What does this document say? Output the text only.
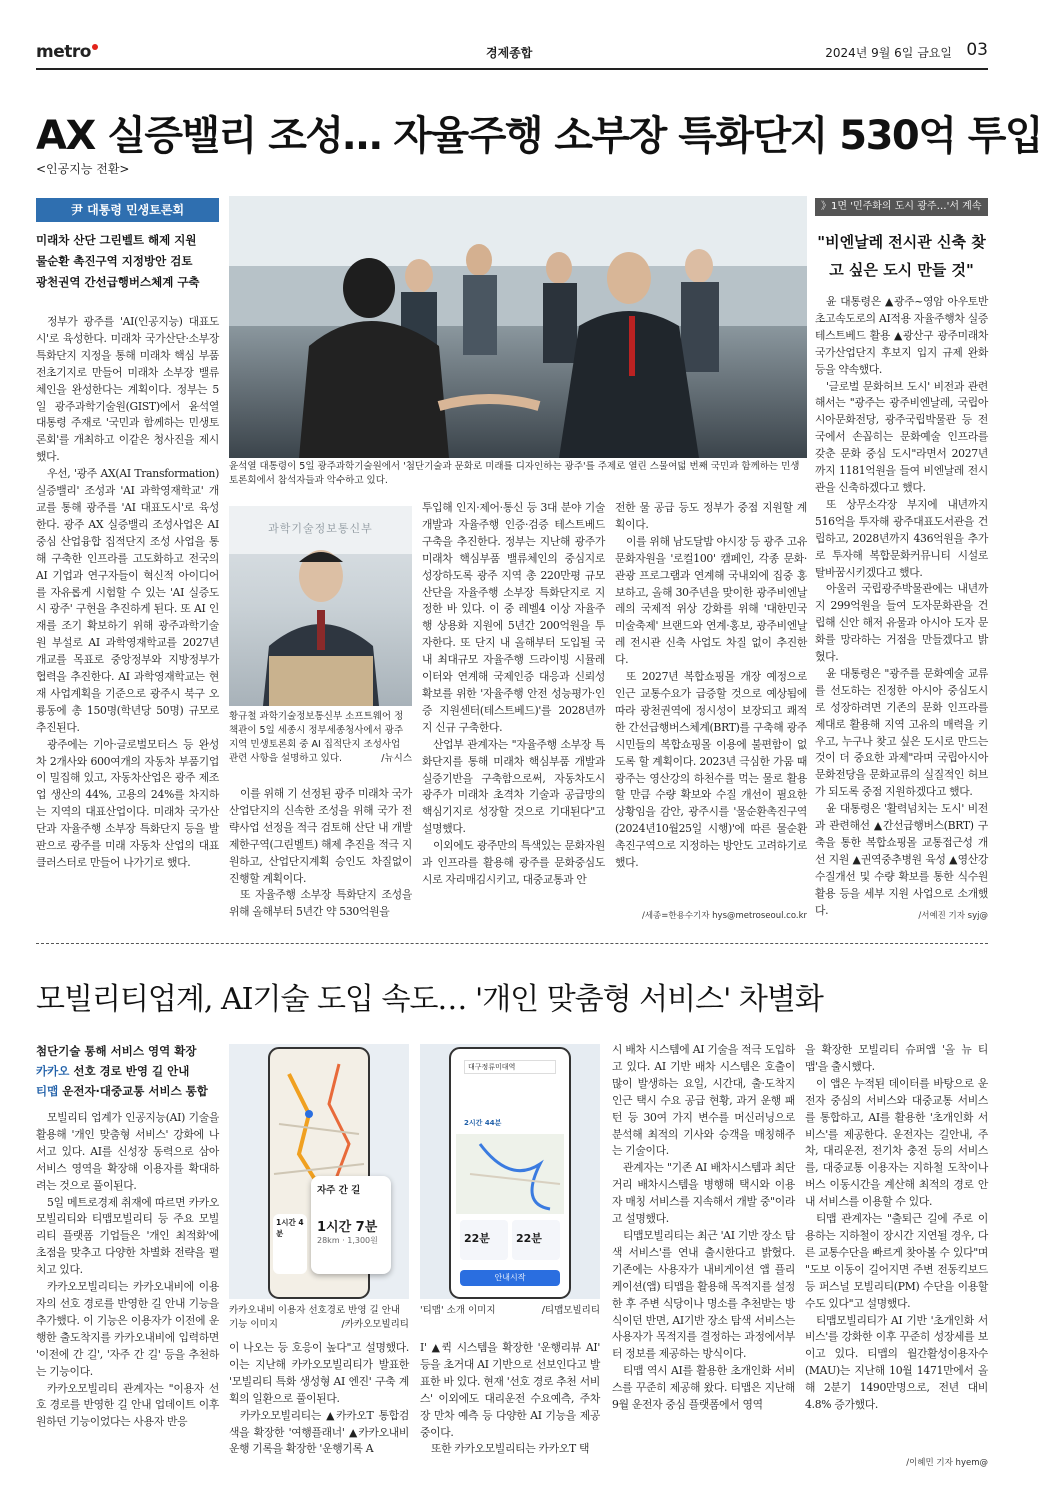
metro	경제종합	2024년 9월 6일 금요일 03
AX 실증밸리 조성… 자율주행 소부장 특화단지 530억 투입
<인공지능 전환>
尹 대통령 민생토론회
미래차 산단 그린벨트 해제 지원
물순환 촉진구역 지정방안 검토
광천권역 간선급행버스체계 구축

정부가 광주를 'AI(인공지능) 대표도시'로 육성한다. 미래차 국가산단·소부장 특화단지 지정을 통해 미래차 핵심 부품 전초기지로 만들어 미래차 소부장 밸류체인을 완성한다는 계획이다. 정부는 5일 광주과학기술원(GIST)에서 윤석열 대통령 주재로 '국민과 함께하는 민생토론회'를 개최하고 이같은 청사진을 제시했다.

우선, '광주 AX(AI Transformation) 실증밸리' 조성과 'AI 과학영재학교' 개교를 통해 광주를 'AI 대표도시'로 육성한다. 광주 AX 실증밸리 조성사업은 AI 중심 산업융합 집적단지 조성 사업을 통해 구축한 인프라를 고도화하고 전국의 AI 기업과 연구자들이 혁신적 아이디어를 자유롭게 시험할 수 있는 'AI 실증도시 광주' 구현을 추진하게 된다. 또 AI 인재를 조기 확보하기 위해 광주과학기술원 부설로 AI 과학영재학교를 2027년 개교를 목표로 중앙정부와 지방정부가 협력을 추진한다. AI 과학영재학교는 현재 사업계획을 기준으로 광주시 북구 오룡동에 총 150명(학년당 50명) 규모로 추진된다.

광주에는 기아·글로벌모터스 등 완성차 2개사와 600여개의 자동차 부품기업이 밀집해 있고, 자동차산업은 광주 제조업 생산의 44%, 고용의 24%를 차지하는 지역의 대표산업이다. 미래차 국가산단과 자율주행 소부장 특화단지 등을 발판으로 광주를 미래 자동차 산업의 대표 클러스터로 만들어 나가기로 했다.

윤석열 대통령이 5일 광주과학기술원에서 '첨단기술과 문화로 미래를 디자인하는 광주'를 주제로 열린 스물여덟 번째 국민과 함께하는 민생토론회에서 참석자들과 악수하고 있다.
과학기술정보통신부
황규철 과학기술정보통신부 소프트웨어 정책관이 5일 세종시 정부세종청사에서 광주지역 민생토론회 중 AI 집적단지 조성사업 관련 사항을 설명하고 있다.	/뉴시스

이를 위해 기 선정된 광주 미래차 국가산업단지의 신속한 조성을 위해 국가 전략사업 선정을 적극 검토해 산단 내 개발제한구역(그린벨트) 해제 추진을 적극 지원하고, 산업단지계획 승인도 차질없이 진행할 계획이다.

또 자율주행 소부장 특화단지 조성을 위해 올해부터 5년간 약 530억원을

투입해 인지·제어·통신 등 3대 분야 기술개발과 자율주행 인증·검증 테스트베드 구축을 추진한다. 정부는 지난해 광주가 미래차 핵심부품 밸류체인의 중심지로 성장하도록 광주 지역 총 220만평 규모 산단을 자율주행 소부장 특화단지로 지정한 바 있다. 이 중 레벨4 이상 자율주행 상용화 지원에 5년간 200억원을 투자한다. 또 단지 내 올해부터 도입될 국내 최대규모 자율주행 드라이빙 시뮬레이터와 연계해 국제인증 대응과 신뢰성 확보를 위한 '자율주행 안전 성능평가·인증 지원센터(테스트베드)'를 2028년까지 신규 구축한다.

산업부 관계자는 "자율주행 소부장 특화단지를 통해 미래차 핵심부품 개발과 실증기반을 구축함으로써, 자동차도시 광주가 미래차 초격차 기술과 공급망의 핵심기지로 성장할 것으로 기대된다"고 설명했다.

이외에도 광주만의 특색있는 문화자원과 인프라를 활용해 광주를 문화중심도시로 자리매김시키고, 대중교통과 안

전한 물 공급 등도 정부가 중점 지원할 계획이다.

이를 위해 남도달밤 야시장 등 광주 고유 문화자원을 '로컬100' 캠페인, 각종 문화·관광 프로그램과 연계해 국내외에 집중 홍보하고, 올해 30주년을 맞이한 광주비엔날레의 국제적 위상 강화를 위해 '대한민국 미술축제' 브랜드와 연계·홍보, 광주비엔날레 전시관 신축 사업도 차질 없이 추진한다.

또 2027년 복합쇼핑몰 개장 예정으로 인근 교통수요가 급증할 것으로 예상됨에 따라 광천권역에 정시성이 보장되고 쾌적한 간선급행버스체계(BRT)를 구축해 광주시민들의 복합쇼핑몰 이용에 불편함이 없도록 할 계획이다. 2023년 극심한 가뭄 때 광주는 영산강의 하천수를 먹는 물로 활용할 만큼 수량 확보와 수질 개선이 필요한 상황임을 감안, 광주시를 '물순환촉진구역(2024년10월25일 시행)'에 따른 물순환 촉진구역으로 지정하는 방안도 고려하기로 했다.

/세종=한용수기자 hys@metroseoul.co.kr
》1면 '민주화의 도시 광주…'서 계속
"비엔날레 전시관 신축 찾고 싶은 도시 만들 것"

윤 대통령은 ▲광주~영암 아우토반 초고속도로의 AI적용 자율주행차 실증 테스트베드 활용 ▲광산구 광주미래차 국가산업단지 후보지 입지 규제 완화 등을 약속했다.

'글로벌 문화허브 도시' 비전과 관련해서는 "광주는 광주비엔날레, 국립아시아문화전당, 광주국립박물관 등 전국에서 손꼽히는 문화예술 인프라를 갖춘 문화 중심 도시"라면서 2027년까지 1181억원을 들여 비엔날레 전시관을 신축하겠다고 했다.

또 상무소각장 부지에 내년까지 516억을 투자해 광주대표도서관을 건립하고, 2028년까지 436억원을 추가로 투자해 복합문화커뮤니티 시설로 탈바꿈시키겠다고 했다.

아울러 국립광주박물관에는 내년까지 299억원을 들여 도자문화관을 건립해 신안 해저 유물과 아시아 도자 문화를 망라하는 거점을 만들겠다고 밝혔다.

윤 대통령은 "광주를 문화예술 교류를 선도하는 진정한 아시아 중심도시로 성장하려면 기존의 문화 인프라를 제대로 활용해 지역 고유의 매력을 키우고, 누구나 찾고 싶은 도시로 만드는 것이 더 중요한 과제"라며 국립아시아문화전당을 문화교류의 실질적인 허브가 되도록 중점 지원하겠다고 했다.

윤 대통령은 '활력넘치는 도시' 비전과 관련해선 ▲간선급행버스(BRT) 구축을 통한 복합쇼핑몰 교통접근성 개선 지원 ▲권역중추병원 육성 ▲영산강 수질개선 및 수량 확보를 통한 식수원 활용 등을 세부 지원 사업으로 소개했다.	/서예진 기자 syj@
모빌리티업계, AI기술 도입 속도… '개인 맞춤형 서비스' 차별화
첨단기술 통해 서비스 영역 확장
카카오 선호 경로 반영 길 안내
티맵 운전자·대중교통 서비스 통합

모빌리티 업계가 인공지능(AI) 기술을 활용해 '개인 맞춤형 서비스' 강화에 나서고 있다. AI를 신성장 동력으로 삼아 서비스 영역을 확장해 이용자를 확대하려는 것으로 풀이된다.

5일 메트로경제 취재에 따르면 카카오모빌리티와 티맵모빌리티 등 주요 모빌리티 플랫폼 기업들은 '개인 최적화'에 초점을 맞추고 다양한 차별화 전략을 펼치고 있다.

카카오모빌리티는 카카오내비에 이용자의 선호 경로를 반영한 길 안내 기능을 추가했다. 이 기능은 이용자가 이전에 운행한 출도착지를 카카오내비에 입력하면 '이전에 간 길', '자주 간 길' 등을 추천하는 기능이다.

카카오모빌리티 관계자는 "이용자 선호 경로를 반영한 길 안내 업데이트 이후 원하던 기능이었다는 사용자 반응

자주 간 길
1시간 7분
28km · 1,300원
1시간 4분
카카오내비 이용자 선호경로 반영 길 안내 기능 이미지	/카카오모빌리티
대구정류미대역
2시간 44분
22분	22분
안내시작
'티맵' 소개 이미지	/티맵모빌리티

이 나오는 등 호응이 높다"고 설명했다. 이는 지난해 카카오모빌리티가 발표한 '모빌리티 특화 생성형 AI 엔진' 구축 계획의 일환으로 풀이된다.

카카오모빌리티는 ▲카카오T 통합검색을 확장한 '여행플래너' ▲카카오내비 운행 기록을 확장한 '운행기록 A

I' ▲퀵 시스템을 확장한 '운행리뷰 AI' 등을 초거대 AI 기반으로 선보인다고 발표한 바 있다. 현재 '선호 경로 추천 서비스' 이외에도 대리운전 수요예측, 주차장 만차 예측 등 다양한 AI 기능을 제공 중이다.

또한 카카오모빌리티는 카카오T 택

시 배차 시스템에 AI 기술을 적극 도입하고 있다. AI 기반 배차 시스템은 호출이 많이 발생하는 요일, 시간대, 출·도착지 인근 택시 수요 공급 현황, 과거 운행 패턴 등 30여 가지 변수를 머신러닝으로 분석해 최적의 기사와 승객을 매칭해주는 기술이다.

관계자는 "기존 AI 배차시스템과 최단거리 배차시스템을 병행해 택시와 이용자 매칭 서비스를 지속해서 개발 중"이라고 설명했다.

티맵모빌리티는 최근 'AI 기반 장소 탐색 서비스'를 연내 출시한다고 밝혔다. 기존에는 사용자가 내비게이션 앱 플리케이션(앱) 티맵을 활용해 목적지를 설정한 후 주변 식당이나 명소를 추천받는 방식이던 반면, AI기반 장소 탐색 서비스는 사용자가 목적지를 결정하는 과정에서부터 정보를 제공하는 방식이다.

티맵 역시 AI를 활용한 초개인화 서비스를 꾸준히 제공해 왔다. 티맵은 지난해 9월 운전자 중심 플랫폼에서 영역

을 확장한 모빌리티 슈퍼앱 '올 뉴 티맵'을 출시했다.

이 앱은 누적된 데이터를 바탕으로 운전자 중심의 서비스와 대중교통 서비스를 통합하고, AI를 활용한 '초개인화 서비스'를 제공한다. 운전자는 길안내, 주차, 대리운전, 전기차 충전 등의 서비스를, 대중교통 이용자는 지하철 도착이나 버스 이동시간을 계산해 최적의 경로 안내 서비스를 이용할 수 있다.

티맵 관계자는 "출퇴근 길에 주로 이용하는 지하철이 장시간 지연될 경우, 다른 교통수단을 빠르게 찾아볼 수 있다"며 "도보 이동이 길어지면 주변 전동킥보드 등 퍼스널 모빌리티(PM) 수단을 이용할 수도 있다"고 설명했다.

티맵모빌리티가 AI 기반 '초개인화 서비스'를 강화한 이후 꾸준히 성장세를 보이고 있다. 티맵의 월간활성이용자수(MAU)는 지난해 10월 1471만에서 올해 2분기 1490만명으로, 전년 대비 4.8% 증가했다.

/이혜민 기자 hyem@
